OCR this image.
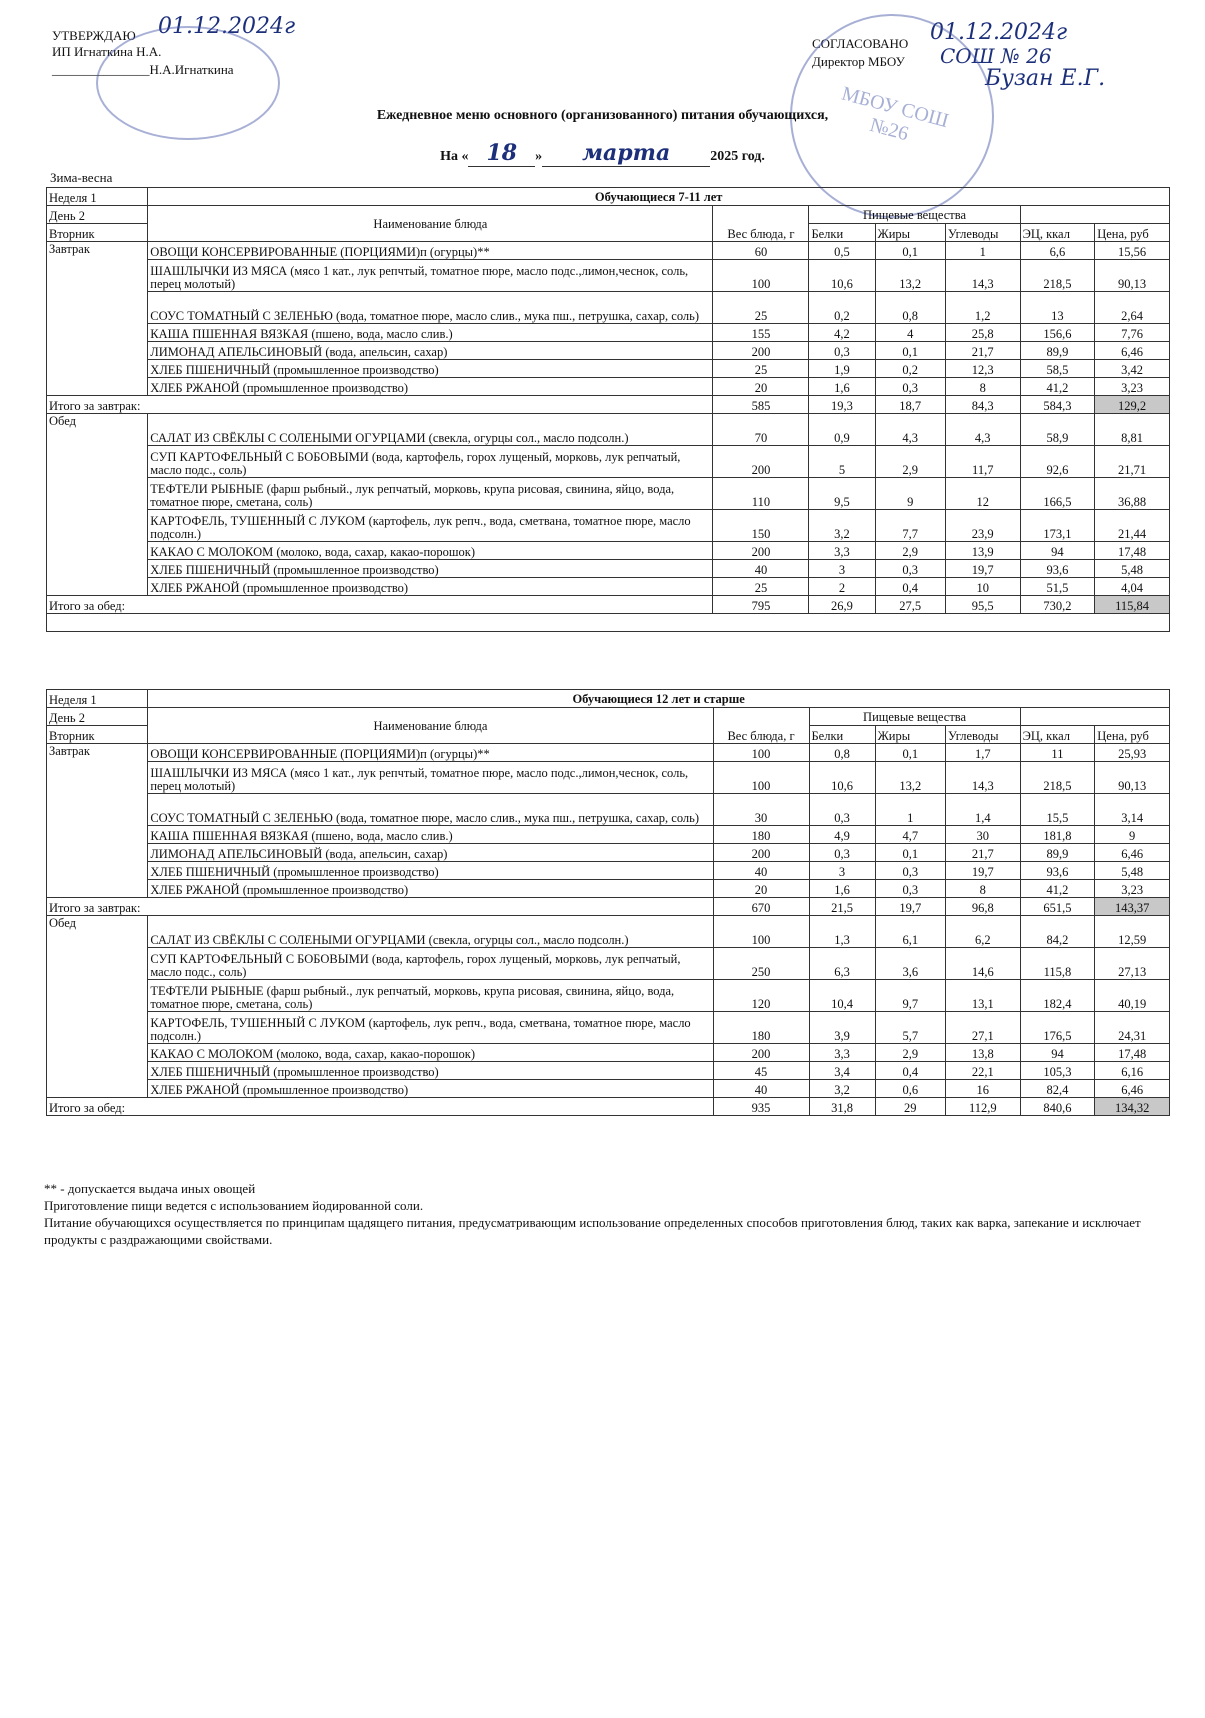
УТВЕРЖДАЮ
ИП Игнаткина Н.А.
_______________Н.А.Игнаткина
01.12.2024г
СОГЛАСОВАНО
Директор МБОУ
01.12.2024г
СОШ № 26
Бузан Е.Г.
МБОУ СОШ №26
Ежедневное меню основного (организованного) питания обучающихся,
На « 18 » марта	2025 год.
Зима-весна
Неделя 1	Обучающиеся 7-11 лет						
День 2	Наименование блюда	Вес блюда, г	Пищевые вещества				
Вторник			Белки	Жиры	Углеводы	ЭЦ, ккал	Цена, руб
Завтрак	ОВОЩИ КОНСЕРВИРОВАННЫЕ (ПОРЦИЯМИ)п (огурцы)**	60	0,5	0,1	1	6,6	15,56
	ШАШЛЫЧКИ ИЗ МЯСА (мясо 1 кат., лук репчтый, томатное пюре, масло подс.,лимон,чеснок, соль, перец молотый)	100	10,6	13,2	14,3	218,5	90,13
	СОУС ТОМАТНЫЙ С ЗЕЛЕНЬЮ (вода, томатное пюре, масло слив., мука пш., петрушка, сахар, соль)	25	0,2	0,8	1,2	13	2,64
	КАША ПШЕННАЯ ВЯЗКАЯ (пшено, вода, масло слив.)	155	4,2	4	25,8	156,6	7,76
	ЛИМОНАД АПЕЛЬСИНОВЫЙ (вода, апельсин, сахар)	200	0,3	0,1	21,7	89,9	6,46
	ХЛЕБ ПШЕНИЧНЫЙ (промышленное производство)	25	1,9	0,2	12,3	58,5	3,42
	ХЛЕБ РЖАНОЙ (промышленное производство)	20	1,6	0,3	8	41,2	3,23
Итого за завтрак:		585	19,3	18,7	84,3	584,3	129,2
Обед	САЛАТ ИЗ СВЁКЛЫ С СОЛЕНЫМИ ОГУРЦАМИ (свекла, огурцы сол., масло подсолн.)	70	0,9	4,3	4,3	58,9	8,81
	СУП КАРТОФЕЛЬНЫЙ С БОБОВЫМИ (вода, картофель, горох лущеный, морковь, лук репчатый, масло подс., соль)	200	5	2,9	11,7	92,6	21,71
	ТЕФТЕЛИ РЫБНЫЕ (фарш рыбный., лук репчатый, морковь, крупа рисовая, свинина, яйцо, вода, томатное пюре, сметана, соль)	110	9,5	9	12	166,5	36,88
	КАРТОФЕЛЬ, ТУШЕННЫЙ С ЛУКОМ (картофель, лук репч., вода, сметвана, томатное пюре, масло подсолн.)	150	3,2	7,7	23,9	173,1	21,44
	КАКАО С МОЛОКОМ (молоко, вода, сахар, какао-порошок)	200	3,3	2,9	13,9	94	17,48
	ХЛЕБ ПШЕНИЧНЫЙ (промышленное производство)	40	3	0,3	19,7	93,6	5,48
	ХЛЕБ РЖАНОЙ (промышленное производство)	25	2	0,4	10	51,5	4,04
Итого за обед:		795	26,9	27,5	95,5	730,2	115,84

Неделя 1	Обучающиеся 12 лет и старше						
День 2	Наименование блюда	Вес блюда, г	Пищевые вещества				
Вторник			Белки	Жиры	Углеводы	ЭЦ, ккал	Цена, руб
Завтрак	ОВОЩИ КОНСЕРВИРОВАННЫЕ (ПОРЦИЯМИ)п (огурцы)**	100	0,8	0,1	1,7	11	25,93
	ШАШЛЫЧКИ ИЗ МЯСА (мясо 1 кат., лук репчтый, томатное пюре, масло подс.,лимон,чеснок, соль, перец молотый)	100	10,6	13,2	14,3	218,5	90,13
	СОУС ТОМАТНЫЙ С ЗЕЛЕНЬЮ (вода, томатное пюре, масло слив., мука пш., петрушка, сахар, соль)	30	0,3	1	1,4	15,5	3,14
	КАША ПШЕННАЯ ВЯЗКАЯ (пшено, вода, масло слив.)	180	4,9	4,7	30	181,8	9
	ЛИМОНАД АПЕЛЬСИНОВЫЙ (вода, апельсин, сахар)	200	0,3	0,1	21,7	89,9	6,46
	ХЛЕБ ПШЕНИЧНЫЙ (промышленное производство)	40	3	0,3	19,7	93,6	5,48
	ХЛЕБ РЖАНОЙ (промышленное производство)	20	1,6	0,3	8	41,2	3,23
Итого за завтрак:		670	21,5	19,7	96,8	651,5	143,37
Обед	САЛАТ ИЗ СВЁКЛЫ С СОЛЕНЫМИ ОГУРЦАМИ (свекла, огурцы сол., масло подсолн.)	100	1,3	6,1	6,2	84,2	12,59
	СУП КАРТОФЕЛЬНЫЙ С БОБОВЫМИ (вода, картофель, горох лущеный, морковь, лук репчатый, масло подс., соль)	250	6,3	3,6	14,6	115,8	27,13
	ТЕФТЕЛИ РЫБНЫЕ (фарш рыбный., лук репчатый, морковь, крупа рисовая, свинина, яйцо, вода, томатное пюре, сметана, соль)	120	10,4	9,7	13,1	182,4	40,19
	КАРТОФЕЛЬ, ТУШЕННЫЙ С ЛУКОМ (картофель, лук репч., вода, сметвана, томатное пюре, масло подсолн.)	180	3,9	5,7	27,1	176,5	24,31
	КАКАО С МОЛОКОМ (молоко, вода, сахар, какао-порошок)	200	3,3	2,9	13,8	94	17,48
	ХЛЕБ ПШЕНИЧНЫЙ (промышленное производство)	45	3,4	0,4	22,1	105,3	6,16
	ХЛЕБ РЖАНОЙ (промышленное производство)	40	3,2	0,6	16	82,4	6,46
Итого за обед:		935	31,8	29	112,9	840,6	134,32
** - допускается выдача иных овощей
Приготовление пищи ведется с использованием йодированной соли.
Питание обучающихся осуществляется по принципам щадящего питания, предусматривающим использование определенных способов приготовления блюд, таких как варка, запекание и исключает продукты с раздражающими свойствами.
